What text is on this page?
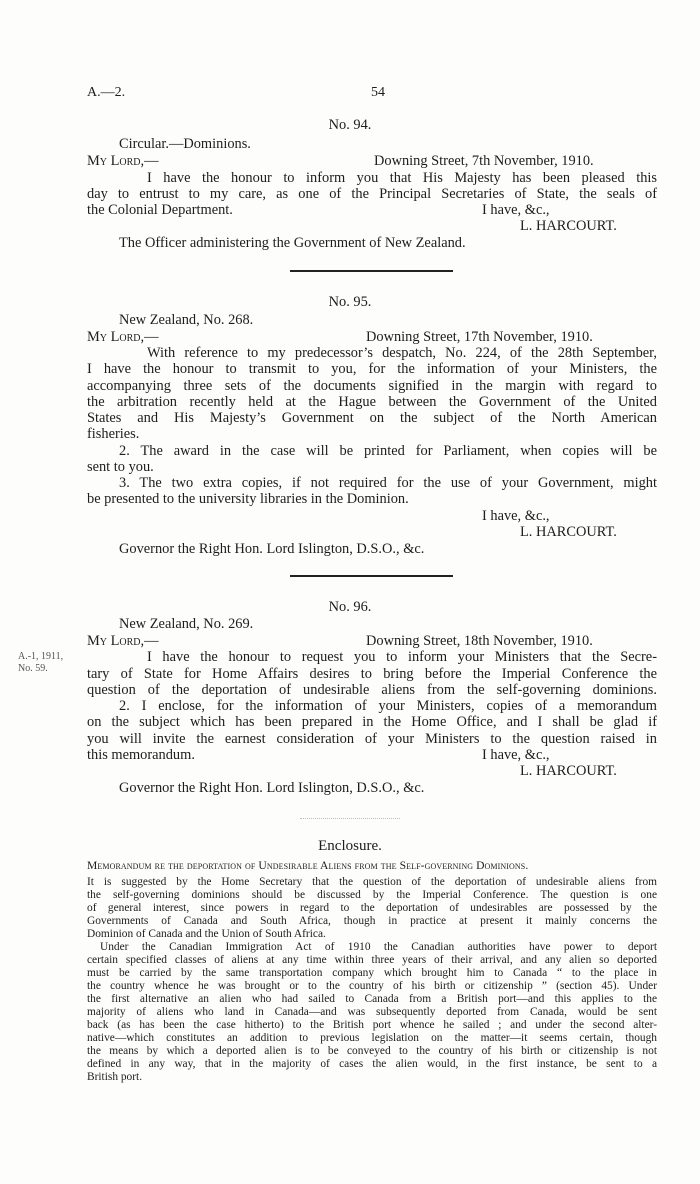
A.—2.	54
No. 94.
Circular.—Dominions.
My Lord,—	Downing Street, 7th November, 1910.
I have the honour to inform you that His Majesty has been pleased this
day to entrust to my care, as one of the Principal Secretaries of State, the seals of
the Colonial Department.	I have, &c.,
L. HARCOURT.
The Officer administering the Government of New Zealand.
No. 95.
New Zealand, No. 268.
My Lord,—	Downing Street, 17th November, 1910.
With reference to my predecessor’s despatch, No. 224, of the 28th September,
I have the honour to transmit to you, for the information of your Ministers, the
accompanying three sets of the documents signified in the margin with regard to
the arbitration recently held at the Hague between the Government of the United
States and His Majesty’s Government on the subject of the North American
fisheries.
2. The award in the case will be printed for Parliament, when copies will be
sent to you.
3. The two extra copies, if not required for the use of your Government, might
be presented to the university libraries in the Dominion.
I have, &c.,
L. HARCOURT.
Governor the Right Hon. Lord Islington, D.S.O., &c.
No. 96.
New Zealand, No. 269.
My Lord,—	Downing Street, 18th November, 1910.
A.-1, 1911,
No. 59.
I have the honour to request you to inform your Ministers that the Secre-
tary of State for Home Affairs desires to bring before the Imperial Conference the
question of the deportation of undesirable aliens from the self-governing dominions.
2. I enclose, for the information of your Ministers, copies of a memorandum
on the subject which has been prepared in the Home Office, and I shall be glad if
you will invite the earnest consideration of your Ministers to the question raised in
this memorandum.	I have, &c.,
L. HARCOURT.
Governor the Right Hon. Lord Islington, D.S.O., &c.
Enclosure.
Memorandum re the deportation of Undesirable Aliens from the Self-governing Dominions.
It is suggested by the Home Secretary that the question of the deportation of undesirable aliens from
the self-governing dominions should be discussed by the Imperial Conference. The question is one
of general interest, since powers in regard to the deportation of undesirables are possessed by the
Governments of Canada and South Africa, though in practice at present it mainly concerns the
Dominion of Canada and the Union of South Africa.
Under the Canadian Immigration Act of 1910 the Canadian authorities have power to deport
certain specified classes of aliens at any time within three years of their arrival, and any alien so deported
must be carried by the same transportation company which brought him to Canada “ to the place in
the country whence he was brought or to the country of his birth or citizenship ” (section 45). Under
the first alternative an alien who had sailed to Canada from a British port—and this applies to the
majority of aliens who land in Canada—and was subsequently deported from Canada, would be sent
back (as has been the case hitherto) to the British port whence he sailed ; and under the second alter-
native—which constitutes an addition to previous legislation on the matter—it seems certain, though
the means by which a deported alien is to be conveyed to the country of his birth or citizenship is not
defined in any way, that in the majority of cases the alien would, in the first instance, be sent to a
British port.
